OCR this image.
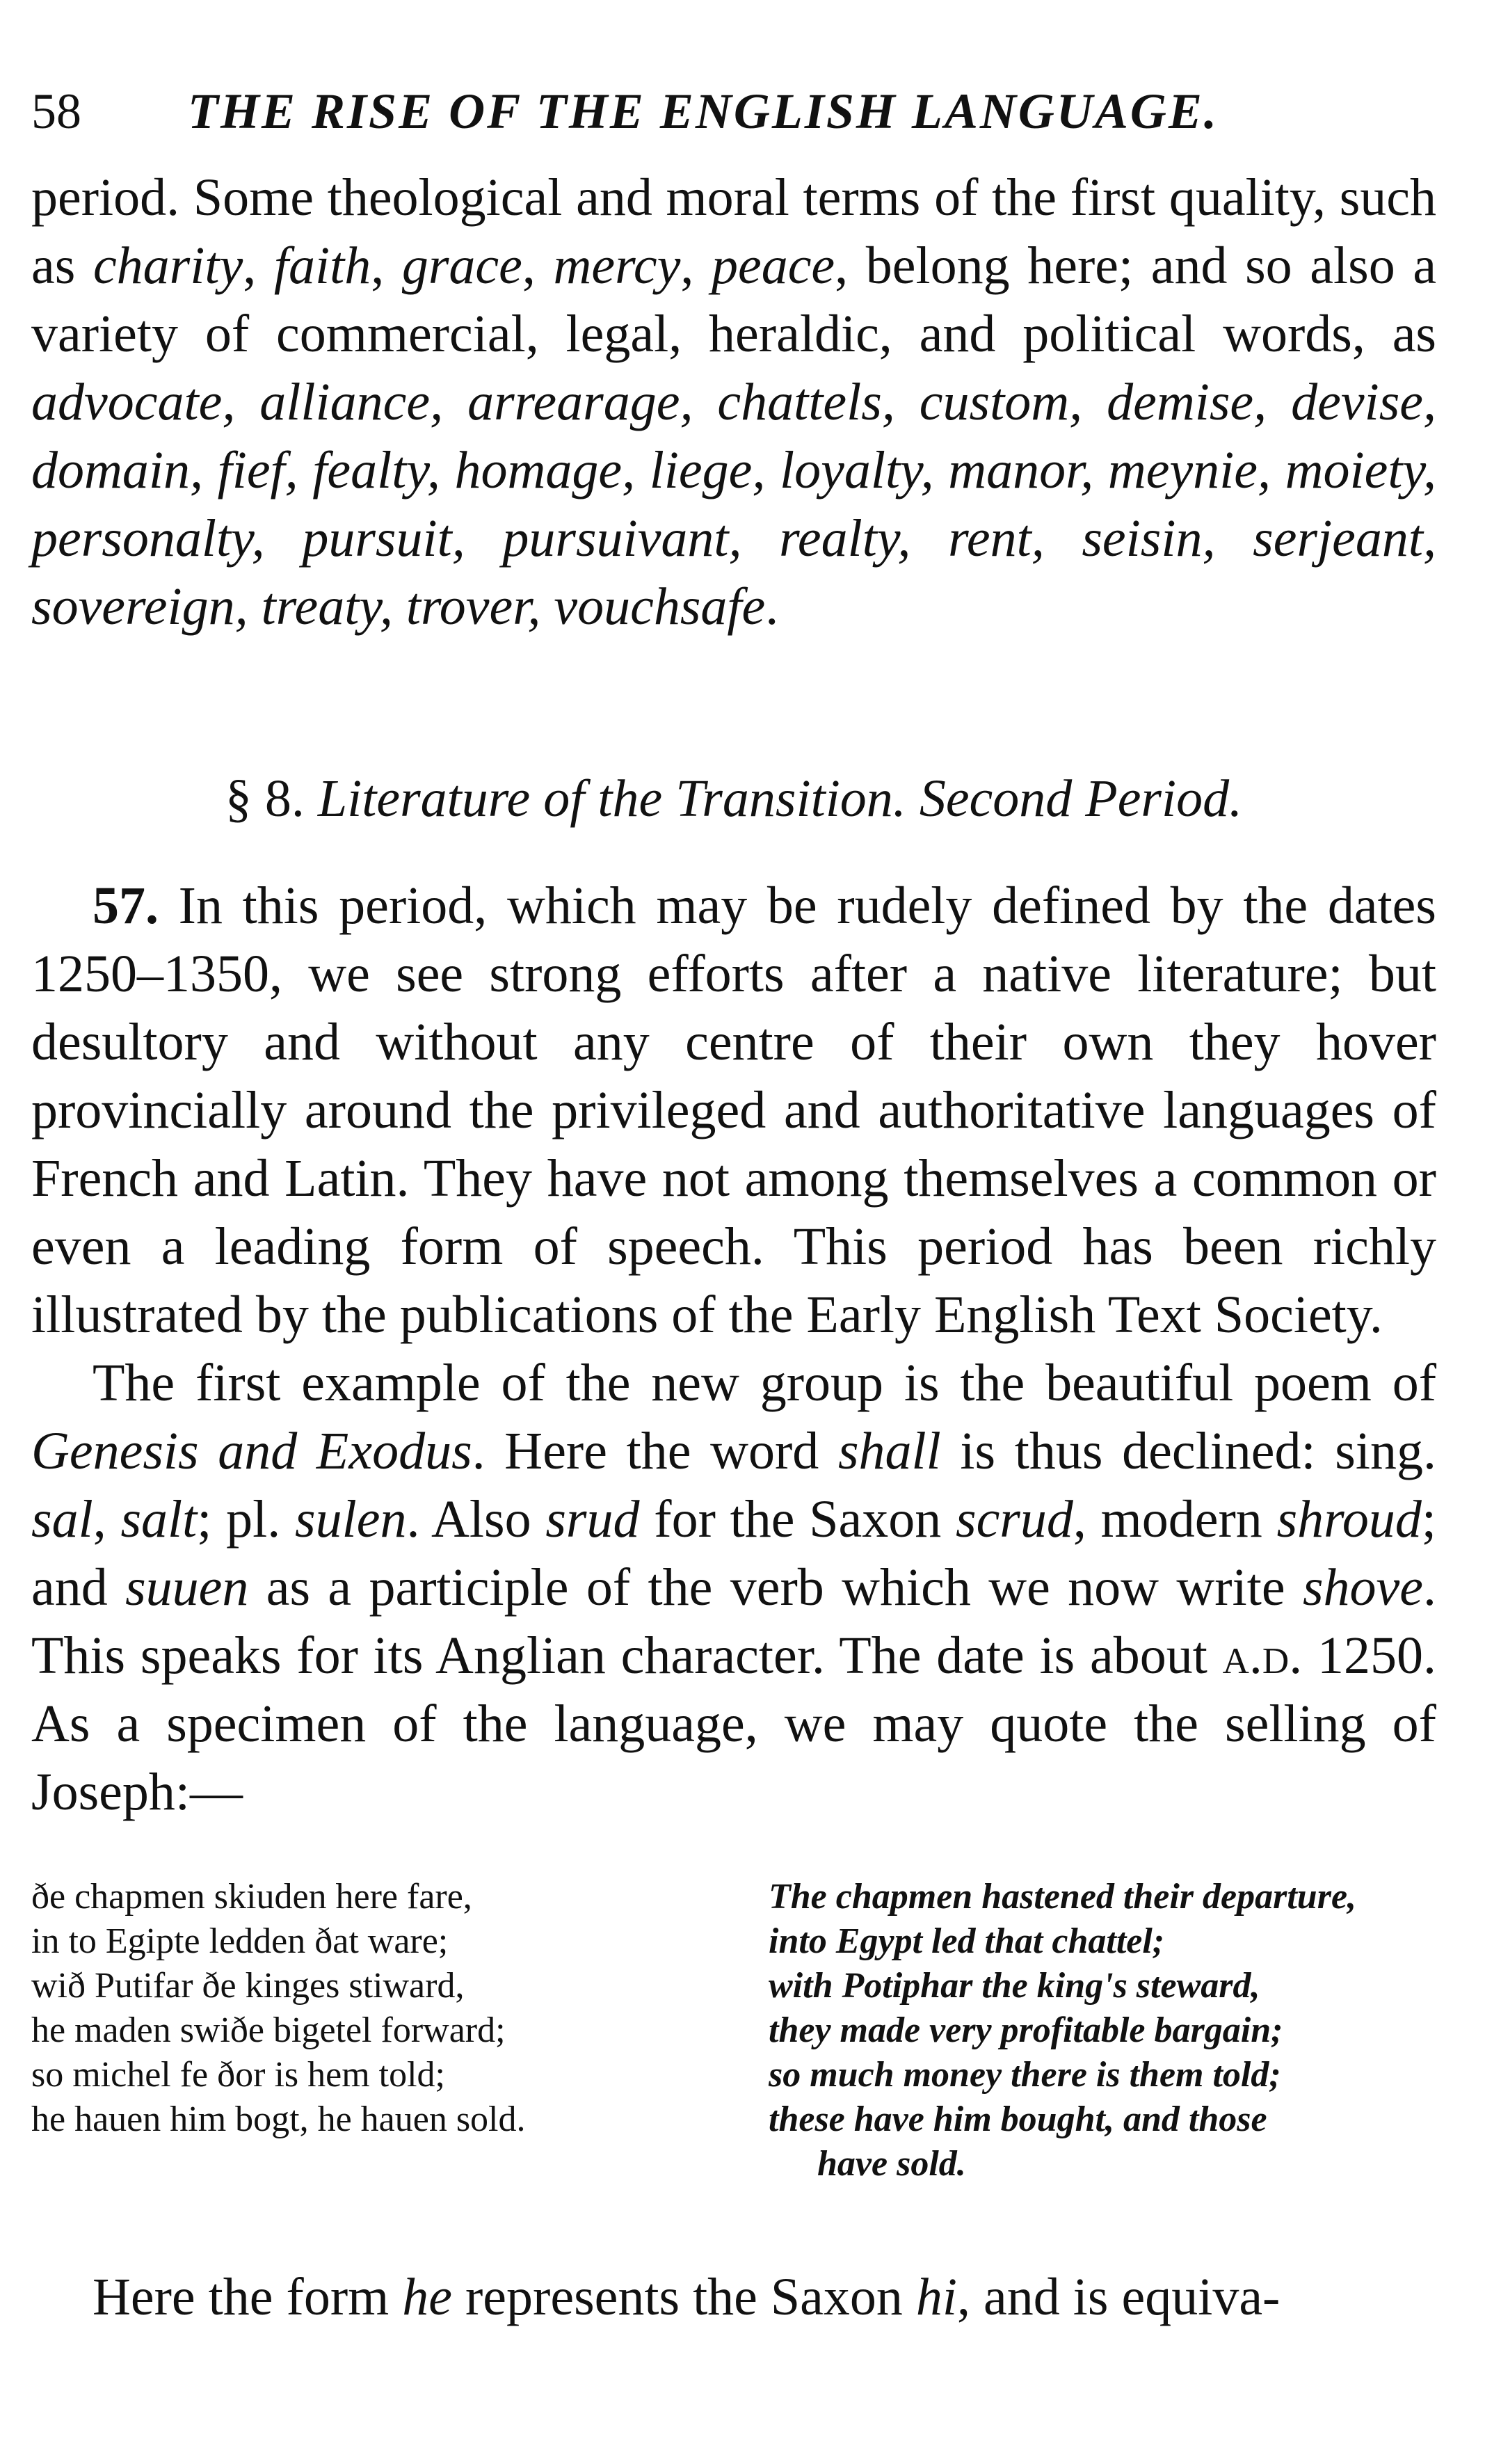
58	THE RISE OF THE ENGLISH LANGUAGE.

period. Some theological and moral terms of the first quality, such as charity, faith, grace, mercy, peace, belong here; and so also a variety of commercial, legal, heraldic, and political words, as advocate, alliance, arrearage, chattels, custom, demise, devise, domain, fief, fealty, homage, liege, loyalty, manor, meynie, moiety, personalty, pursuit, pursuivant, realty, rent, seisin, serjeant, sovereign, treaty, trover, vouchsafe.

§ 8. Literature of the Transition. Second Period.

57. In this period, which may be rudely defined by the dates 1250–1350, we see strong efforts after a native literature; but desultory and without any centre of their own they hover provincially around the privileged and authoritative languages of French and Latin. They have not among themselves a common or even a leading form of speech. This period has been richly illustrated by the publications of the Early English Text Society.

The first example of the new group is the beautiful poem of Genesis and Exodus. Here the word shall is thus declined: sing. sal, salt; pl. sulen. Also srud for the Saxon scrud, modern shroud; and suuen as a participle of the verb which we now write shove. This speaks for its Anglian character. The date is about a.d. 1250. As a specimen of the language, we may quote the selling of Joseph:—

ðe chapmen skiuden here fare,
in to Egipte ledden ðat ware;
wið Putifar ðe kinges stiward,
he maden swiðe bigetel forward;
so michel fe ðor is hem told;
he hauen him bogt, he hauen sold.
The chapmen hastened their departure,
into Egypt led that chattel;
with Potiphar the king's steward,
they made very profitable bargain;
so much money there is them told;
these have him bought, and those
have sold.

Here the form he represents the Saxon hi, and is equiva-
